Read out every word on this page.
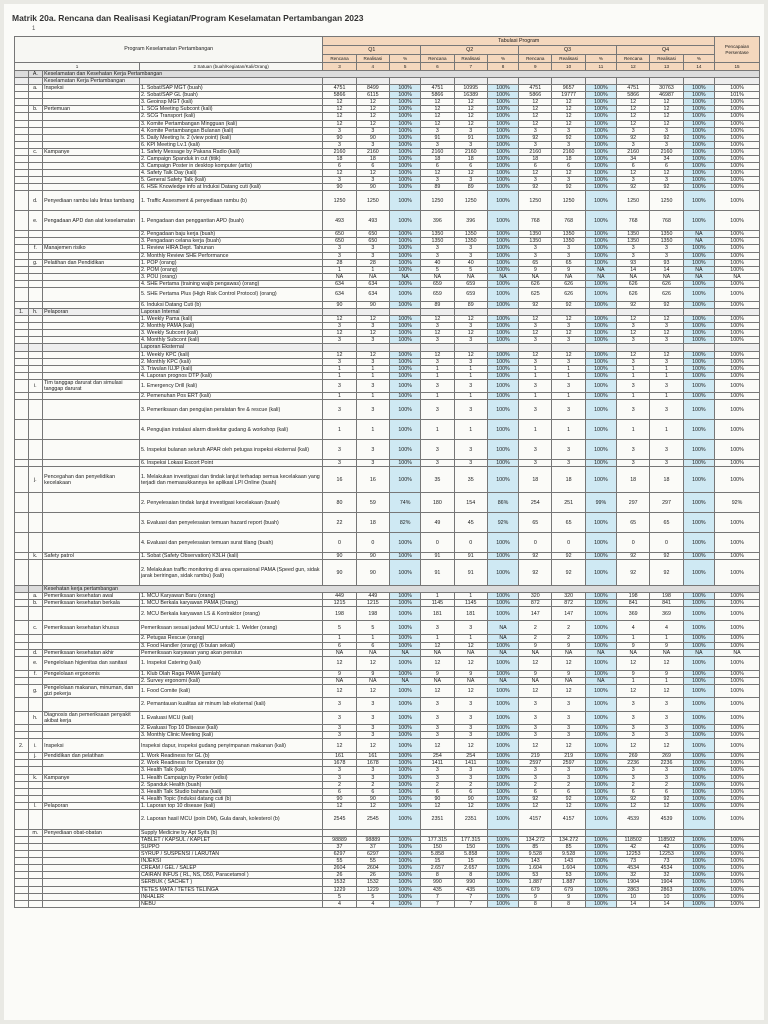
Matrik 20a. Rencana dan Realisasi Kegiatan/Program Keselamatan Pertambangan 2023
1
Program Keselamatan Pertambangan				Tabulasi Program												Pencapaian Persentase
				Q1			Q2			Q3			Q4			
				Rencana	Realisasi	%	Rencana	Realisasi	%	Rencana	Realisasi	%	Rencana	Realisasi	%	
1			2 Satuan (buah/Kegiatan/Kali/Orang)	3	4	5	6	7	8	9	10	11	12	13	14	15
	A.	Keselamatan dan Kesehatan Kerja Pertambangan														
		Keselamatan Kerja Pertambangan														
	a.	Inspeksi	1. Sobat/SAP MGT (buah)	4751	8499	100%	4751	10995	100%	4751	9657	100%	4751	30763	100%	100%
			2. Sobat/SAP GL (buah)	5866	6115	100%	5866	16389	100%	5866	19777	100%	5866	46987	100%	101%
			3. Geoinsp MGT (kali)	12	12	100%	12	12	100%	12	12	100%	12	12	100%	100%
	b.	Pertemuan	1. SCG Meeting Subcont (kali)	12	12	100%	12	12	100%	12	12	100%	12	12	100%	100%
			2. SCG Transport (kali)	12	12	100%	12	12	100%	12	12	100%	12	12	100%	100%
			3. Komite Pertambangan Mingguan (kali)	12	12	100%	12	12	100%	12	12	100%	12	12	100%	100%
			4. Komite Pertambangan Bulanan (kali)	3	3	100%	3	3	100%	3	3	100%	3	3	100%	100%
			5. Daily Meeting lv. 2 (view point) (kali)	90	90	100%	91	91	100%	92	92	100%	92	92	100%	100%
			6. KPI Meeting Lv.1 (kali)	3	3	100%	3	3	100%	3	3	100%	3	3	100%	100%
	c.	Kampanye	1. Safety Message by Pakana Radio (kali)	2160	2160	100%	2160	2160	100%	2160	2160	100%	2160	2160	100%	100%
			2. Campaign Spanduk in cut (titik)	18	18	100%	18	18	100%	18	18	100%	34	34	100%	100%
			3. Campaign Poster in desktop komputer (artis)	6	6	100%	6	6	100%	6	6	100%	6	6	100%	100%
			4. Safety Talk Day (kali)	12	12	100%	12	12	100%	12	12	100%	12	12	100%	100%
			5. General Safety Talk (kali)	3	3	100%	3	3	100%	3	3	100%	3	3	100%	100%
			6. HSE Knowledge info at Induksi Datang cuti (kali)	90	90	100%	89	89	100%	92	92	100%	92	92	100%	100%
	d.	Penyediaan rambu lalu lintas tambang	1. Traffic Assesment & penyediaan rambu (b)	1250	1250	100%	1250	1250	100%	1250	1250	100%	1250	1250	100%	100%
	e.	Pengadaan APD dan alat keselamatan	1. Pengadaan dan penggantian APD (buah)	493	493	100%	396	396	100%	768	768	100%	768	768	100%	100%
			2. Pengadaan baju kerja (buah)	650	650	100%	1350	1350	100%	1350	1350	100%	1350	1350	NA	100%
			3. Pengadaan celana kerja (buah)	650	650	100%	1350	1350	100%	1350	1350	100%	1350	1350	NA	100%
	f.	Manajemen risiko	1. Review HIRA Dept. Tahunan	3	3	100%	3	3	100%	3	3	100%	3	3	100%	100%
			2. Monthly Review SHE Performance	3	3	100%	3	3	100%	3	3	100%	3	3	100%	100%
	g.	Pelatihan dan Pendidikan	1. POP (orang)	28	28	100%	40	40	100%	65	65	100%	93	93	100%	100%
			2. POM (orang)	1	1	100%	5	5	100%	9	9	NA	14	14	NA	100%
			3. POU (orang)	NA	NA	NA	NA	NA	NA	NA	NA	NA	NA	NA	NA	NA
			4. SHE Pertama (training wajib pengawas) (orang)	634	634	100%	659	659	100%	626	626	100%	626	626	100%	100%
			5. SHE Pertama Plus (High Risk Control Protocol) (orang)	634	634	100%	659	659	100%	625	626	100%	626	626	100%	100%
			6. Induksi Datang Cuti (b)	90	90	100%	89	89	100%	92	92	100%	92	92	100%	100%
1.	h.	Pelaporan	Laporan Internal													
			1. Weekly Pama (kali)	12	12	100%	12	12	100%	12	12	100%	12	12	100%	100%
			2. Monthly PAMA (kali)	3	3	100%	3	3	100%	3	3	100%	3	3	100%	100%
			3. Weekly Subcont (kali)	12	12	100%	12	12	100%	12	12	100%	12	12	100%	100%
			4. Monthly Subcont (kali)	3	3	100%	3	3	100%	3	3	100%	3	3	100%	100%
			Laporan Eksternal													
			1. Weekly KPC (kali)	12	12	100%	12	12	100%	12	12	100%	12	12	100%	100%
			2. Monthly KPC (kali)	3	3	100%	3	3	100%	3	3	100%	3	3	100%	100%
			3. Triwulan IUJP (kali)	1	1	100%	1	1	100%	1	1	100%	1	1	100%	100%
			4. Laporan prognos DTP (kali)	1	1	100%	1	1	100%	1	1	100%	1	1	100%	100%
	i.	Tim tanggap darurat dan simulasi tanggap darurat	1. Emergency Drill (kali)	3	3	100%	3	3	100%	3	3	100%	3	3	100%	100%
			2. Pemenuhan Pos ERT (kali)	1	1	100%	1	1	100%	1	1	100%	1	1	100%	100%
			3. Pemeriksaan dan pengujian peralatan fire & rescue (kali)	3	3	100%	3	3	100%	3	3	100%	3	3	100%	100%
			4. Pengujian instalasi alarm disekitar gudang & workshop (kali)	1	1	100%	1	1	100%	1	1	100%	1	1	100%	100%
			5. Inspeksi bulanan seluruh APAR oleh petugas inspeksi eksternal (kali)	3	3	100%	3	3	100%	3	3	100%	3	3	100%	100%
			6. Inspeksi Lokasi Escort Point	3	3	100%	3	3	100%	3	3	100%	3	3	100%	100%
	j.	Pencegahan dan penyelidikan kecelakaan	1. Melakukan investigasi dan tindak lanjut terhadap semua kecelakaan yang terjadi dan memasukkannya ke aplikasi LPI Online (buah)	16	16	100%	35	35	100%	18	18	100%	18	18	100%	100%
			2. Penyelesaian tindak lanjut investigasi kecelakaan (buah)	80	59	74%	180	154	86%	254	251	99%	297	297	100%	92%
			3. Evaluasi dan penyelesaian temuan hazard report (buah)	22	18	82%	49	45	92%	65	65	100%	65	65	100%	100%
			4. Evaluasi dan penyelesaian temuan surat tilang (buah)	0	0	100%	0	0	100%	0	0	100%	0	0	100%	100%
	k.	Safety patrol	1. Sobat (Safety Observation) K3LH (kali)	90	90	100%	91	91	100%	92	92	100%	92	92	100%	100%
			2. Melakukan traffic monitoring di area operasional PAMA (Speed gun, sidak jarak beriringan, sidak rambu) (kali)	90	90	100%	91	91	100%	92	92	100%	92	92	100%	100%
		Kesehatan kerja pertambangan														
	a.	Pemeriksaan kesehatan awal	1. MCU Karyawan Baru (orang)	449	449	100%	1	1	100%	320	320	100%	198	198	100%	100%
	b.	Pemeriksaan kesehatan berkala	1. MCU Berkala karyawan PAMA (Orang)	1215	1215	100%	1145	1145	100%	872	872	100%	841	841	100%	100%
			2. MCU Berkala karyawan LS & Kontraktor (orang)	198	198	100%	181	181	100%	147	147	100%	369	369	100%	100%
	c.	Pemeriksaan kesehatan khusus	Pemeriksaan sesuai jadwal MCU untuk: 1. Welder (orang)	5	5	100%	3	3	NA	2	2	100%	4	4	100%	100%
			2. Petugas Rescue (orang)	1	1	100%	1	1	NA	2	2	100%	1	1	100%	100%
			3. Food Handler (orang) (6 bulan sekali)	6	6	100%	12	12	100%	9	9	100%	9	9	100%	100%
	d.	Pemeriksaan kesehatan akhir	Pemeriksaan karyawan yang akan pensiun	NA	NA	NA	NA	NA	NA	NA	NA	NA	NA	NA	NA	NA
	e.	Pengelolaan higienitas dan sanitasi	1. Inspeksi Catering (kali)	12	12	100%	12	12	100%	12	12	100%	12	12	100%	100%
	f.	Pengelolaan ergonomis	1. Klub Olah Raga PAMA (jumlah)	9	9	100%	9	9	100%	9	9	100%	9	9	100%	100%
			2. Survey ergonomi (kali)	NA	NA	NA	NA	NA	NA	NA	NA	NA	1	1	100%	100%
	g.	Pengelolaan makanan, minuman, dan gizi pekerja	1. Food Comite (kali)	12	12	100%	12	12	100%	12	12	100%	12	12	100%	100%
			2. Pemantauan kualitas air minum lab eksternal (kali)	3	3	100%	3	3	100%	3	3	100%	3	3	100%	100%
	h.	Diagnosis dan pemeriksaan penyakit akibat kerja	1. Evaluasi MCU (kali)	3	3	100%	3	3	100%	3	3	100%	3	3	100%	100%
			2. Evaluasi Top 10 Disease (kali)	3	3	100%	3	3	100%	3	3	100%	3	3	100%	100%
			3. Monthly Clinic Meeting (kali)	3	3	100%	3	3	100%	3	3	100%	3	3	100%	100%
2.	i.	Inspeksi	Inspeksi dapur, inspeksi gudang penyimpanan makanan (kali)	12	12	100%	12	12	100%	12	12	100%	12	12	100%	100%
	j.	Pendidikan dan pelatihan	1. Work Readiness for GL (b)	161	161	100%	254	254	100%	219	219	100%	269	269	100%	100%
			2. Work Readiness for Operator (b)	1678	1678	100%	1411	1411	100%	2597	2597	100%	2236	2236	100%	100%
			3. Health Talk (kali)	3	3	100%	3	3	100%	3	3	100%	3	3	100%	100%
	k.	Kampanye	1. Health Campaign by Poster (edisi)	3	3	100%	3	3	100%	3	3	100%	3	3	100%	100%
			2. Spanduk Health (buah)	2	2	100%	2	2	100%	2	2	100%	2	2	100%	100%
			3. Health Talk Studio bahana (kali)	6	6	100%	6	6	100%	6	6	100%	6	6	100%	100%
			4. Health Topic (Induksi datang cuti (b)	90	90	100%	90	90	100%	92	92	100%	92	92	100%	100%
	l.	Pelaporan	1. Laporan top 10 disease (kali)	12	12	100%	12	12	100%	12	12	100%	12	12	100%	100%
			2. Laporan hasil MCU (poin DM), Gula darah, kolesterol (b)	2545	2545	100%	2351	2351	100%	4157	4157	100%	4539	4539	100%	100%
	m.	Penyediaan obat-obatan	Supply Medicine by Apt Syifa (b)													
			TABLET / KAPSUL / KAPLET	98889	98889	100%	177.315	177.315	100%	134.272	134.272	100%	118502	118502	100%	100%
			SUPPO	37	37	100%	150	150	100%	85	85	100%	42	42	100%	100%
			SYRUP / SUSPENSI / LARUTAN	6297	6297	100%	5.858	5.858	100%	9.528	9.528	100%	12253	12253	100%	100%
			INJEKSI	55	55	100%	15	15	100%	143	143	100%	73	73	100%	100%
			CREAM / GEL / SALEP	2604	2604	100%	2.657	2.657	100%	1.604	1.604	100%	4534	4534	100%	100%
			CAIRAN INFUS ( RL, NS, D50, Paracetamol )	26	26	100%	8	8	100%	53	53	100%	32	32	100%	100%
			SERBUK ( SACHET )	1532	1532	100%	990	990	100%	1.887	1.887	100%	1904	1904	100%	100%
			TETES MATA / TETES TELINGA	1229	1229	100%	435	435	100%	679	679	100%	2863	2863	100%	100%
			INHALER	5	5	100%	7	7	100%	9	9	100%	10	10	100%	100%
			NEBU	4	4	100%	7	7	100%	8	8	100%	14	14	100%	100%
